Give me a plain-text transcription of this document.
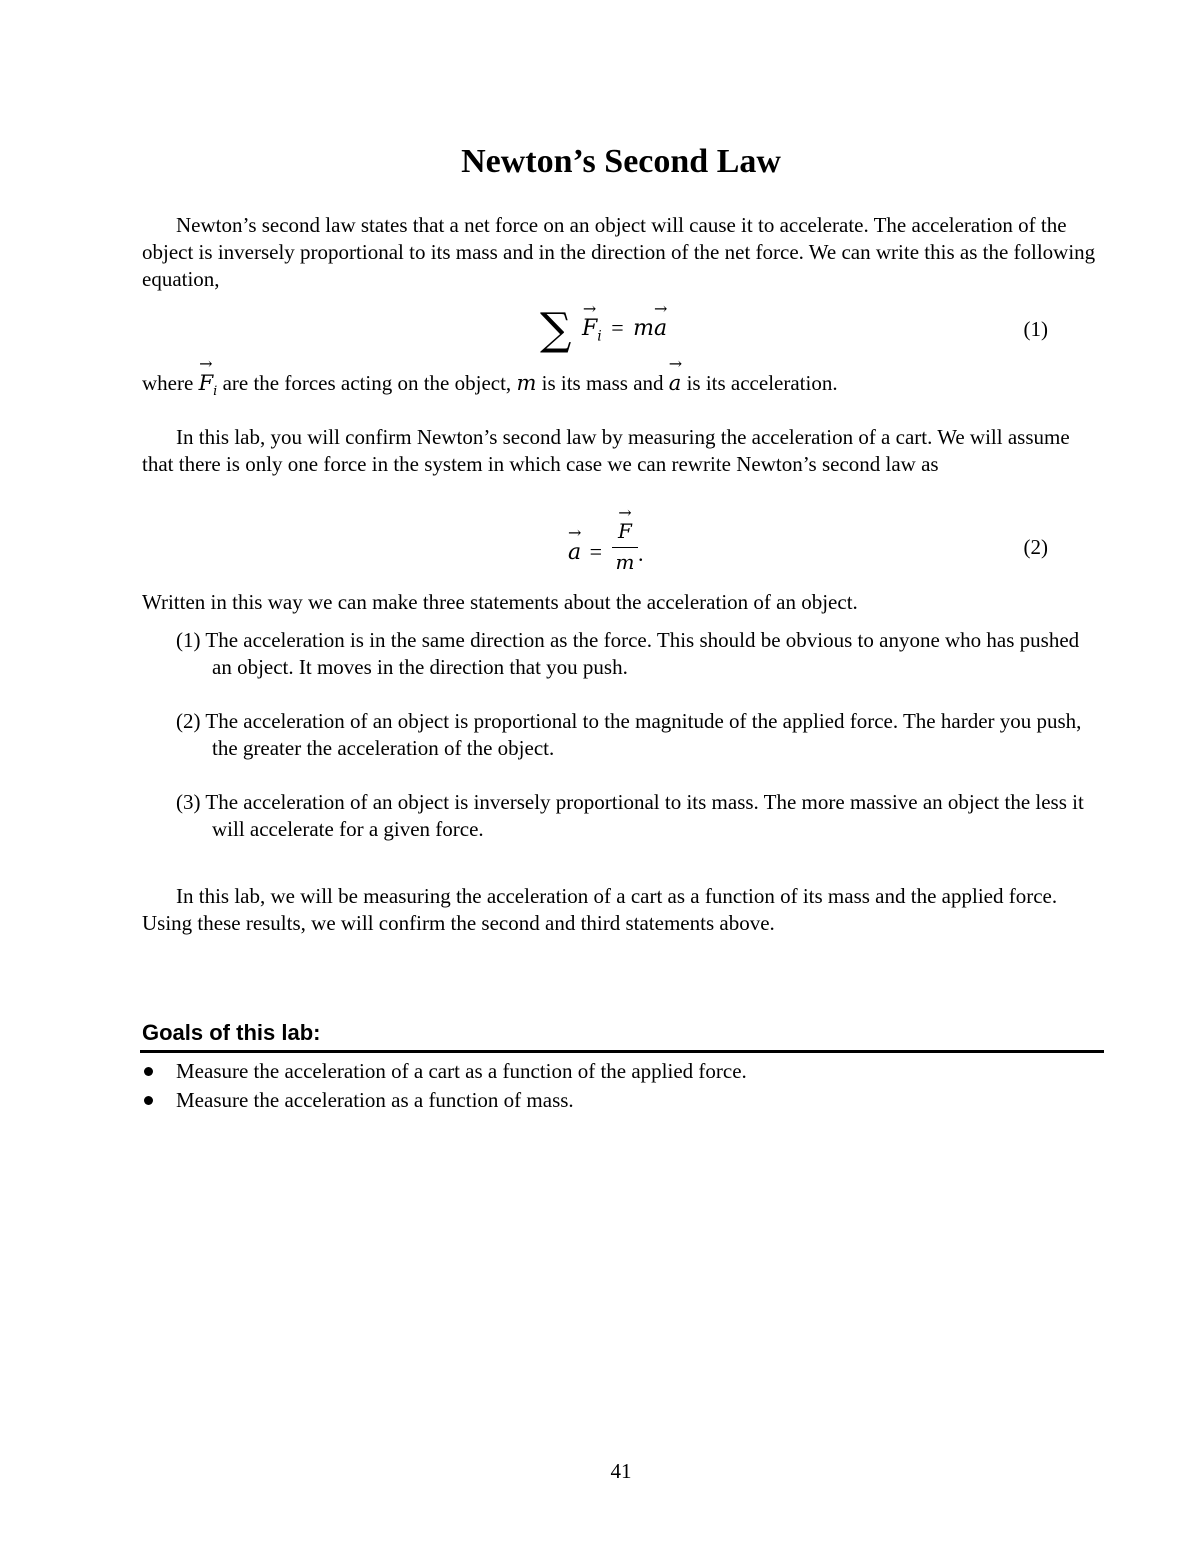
Newton’s Second Law

Newton’s second law states that a net force on an object will cause it to accelerate. The acceleration of the object is inversely proportional to its mass and in the direction of the net force. We can write this as the following equation,

∑ → $F_i = m\to a$	(1)

where → $F_i$ are the forces acting on the object, m is its mass and → a is its acceleration.

In this lab, you will confirm Newton’s second law by measuring the acceleration of a cart. We will assume that there is only one force in the system in which case we can rewrite Newton’s second law as

→ a =
→ F
m .	(2)

Written in this way we can make three statements about the acceleration of an object.

(1) The acceleration is in the same direction as the force. This should be obvious to anyone who has pushed an object. It moves in the direction that you push.
(2) The acceleration of an object is proportional to the magnitude of the applied force. The harder you push, the greater the acceleration of the object.
(3) The acceleration of an object is inversely proportional to its mass. The more massive an object the less it will accelerate for a given force.

In this lab, we will be measuring the acceleration of a cart as a function of its mass and the applied force. Using these results, we will confirm the second and third statements above.

Goals of this lab:
Measure the acceleration of a cart as a function of the applied force.
Measure the acceleration as a function of mass.
41
